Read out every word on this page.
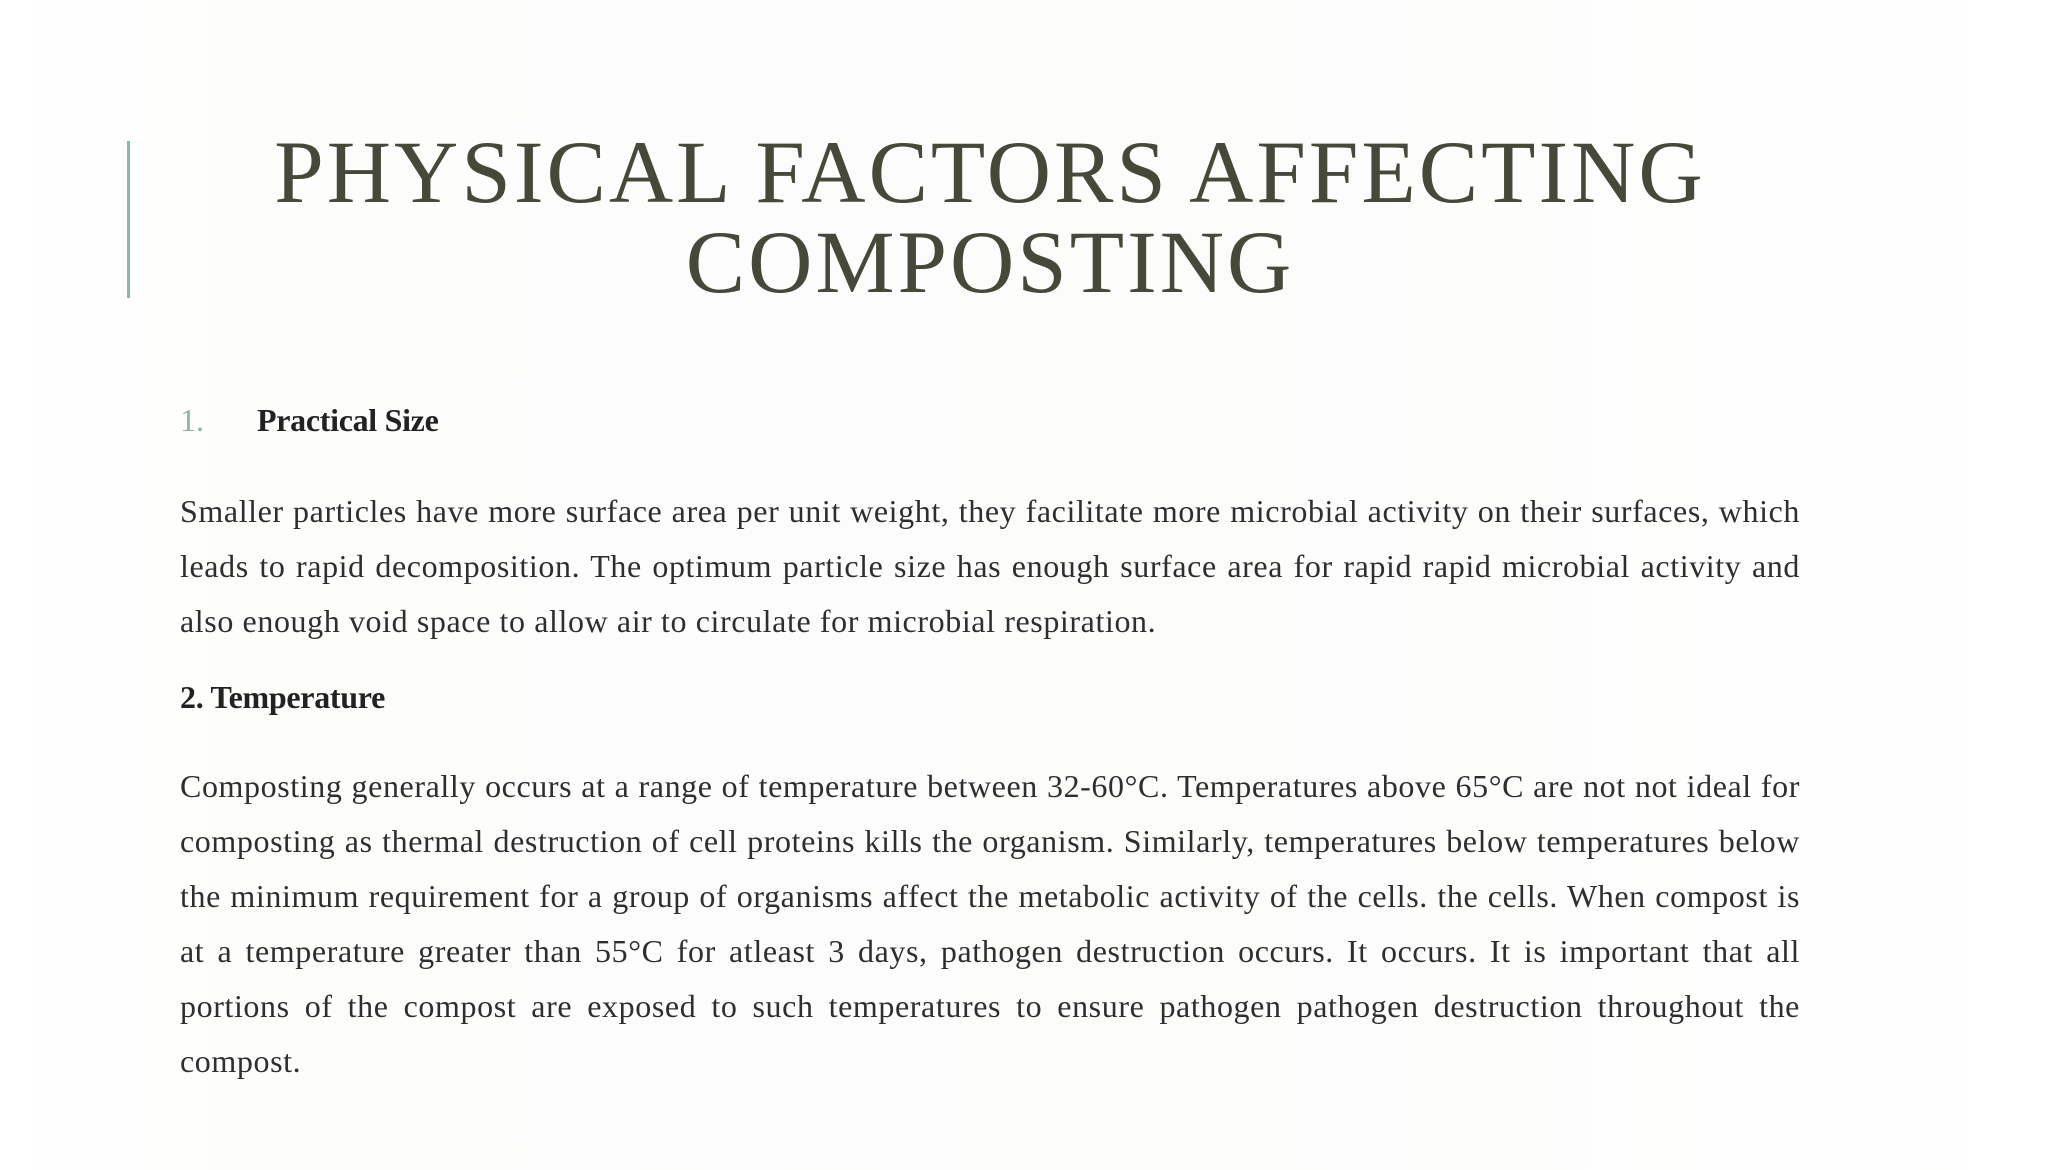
PHYSICAL FACTORS AFFECTING
COMPOSTING
1.	Practical Size

Smaller particles have more surface area per unit weight, they facilitate more microbial activity on their surfaces, which leads to rapid decomposition. The optimum particle size has enough surface area for rapid rapid microbial activity and also enough void space to allow air to circulate for microbial respiration.

2. Temperature

Composting generally occurs at a range of temperature between 32-60°C. Temperatures above 65°C are not not ideal for composting as thermal destruction of cell proteins kills the organism. Similarly, temperatures below temperatures below the minimum requirement for a group of organisms affect the metabolic activity of the cells. the cells. When compost is at a temperature greater than 55°C for atleast 3 days, pathogen destruction occurs. It occurs. It is important that all portions of the compost are exposed to such temperatures to ensure pathogen pathogen destruction throughout the compost.
